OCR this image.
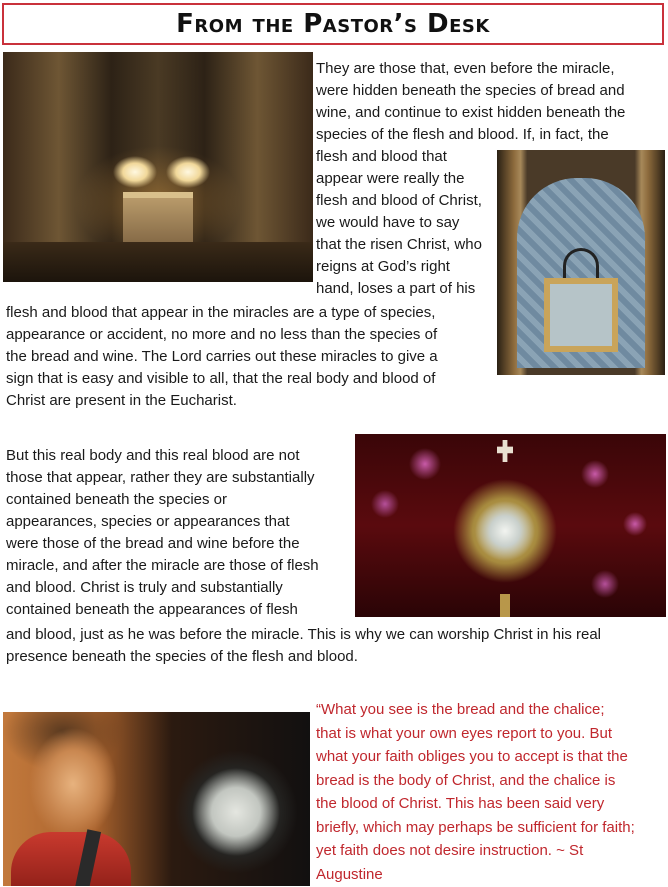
From the Pastor’s Desk

They are those that, even before the miracle,

were hidden beneath the species of bread and

wine, and continue to exist hidden beneath the

species of the flesh and blood. If, in fact, the

flesh and blood that

appear were really the

flesh and blood of Christ,

we would have to say

that the risen Christ, who

reigns at God’s right

hand, loses a part of his

flesh and blood that appear in the miracles are a type of species,

appearance or accident, no more and no less than the species of

the bread and wine. The Lord carries out these miracles to give a

sign that is easy and visible to all, that the real body and blood of

Christ are present in the Eucharist.

But this real body and this real blood are not

those that appear, rather they are substantially

contained beneath the species or

appearances, species or appearances that

were those of the bread and wine before the

miracle, and after the miracle are those of flesh

and blood. Christ is truly and substantially

contained beneath the appearances of flesh

and blood, just as he was before the miracle. This is why we can worship Christ in his real

presence beneath the species of the flesh and blood.

“What you see is the bread and the chalice;

that is what your own eyes report to you. But

what your faith obliges you to accept is that the

bread is the body of Christ, and the chalice is

the blood of Christ. This has been said very

briefly, which may perhaps be sufficient for faith;

yet faith does not desire instruction. ~ St

Augustine
